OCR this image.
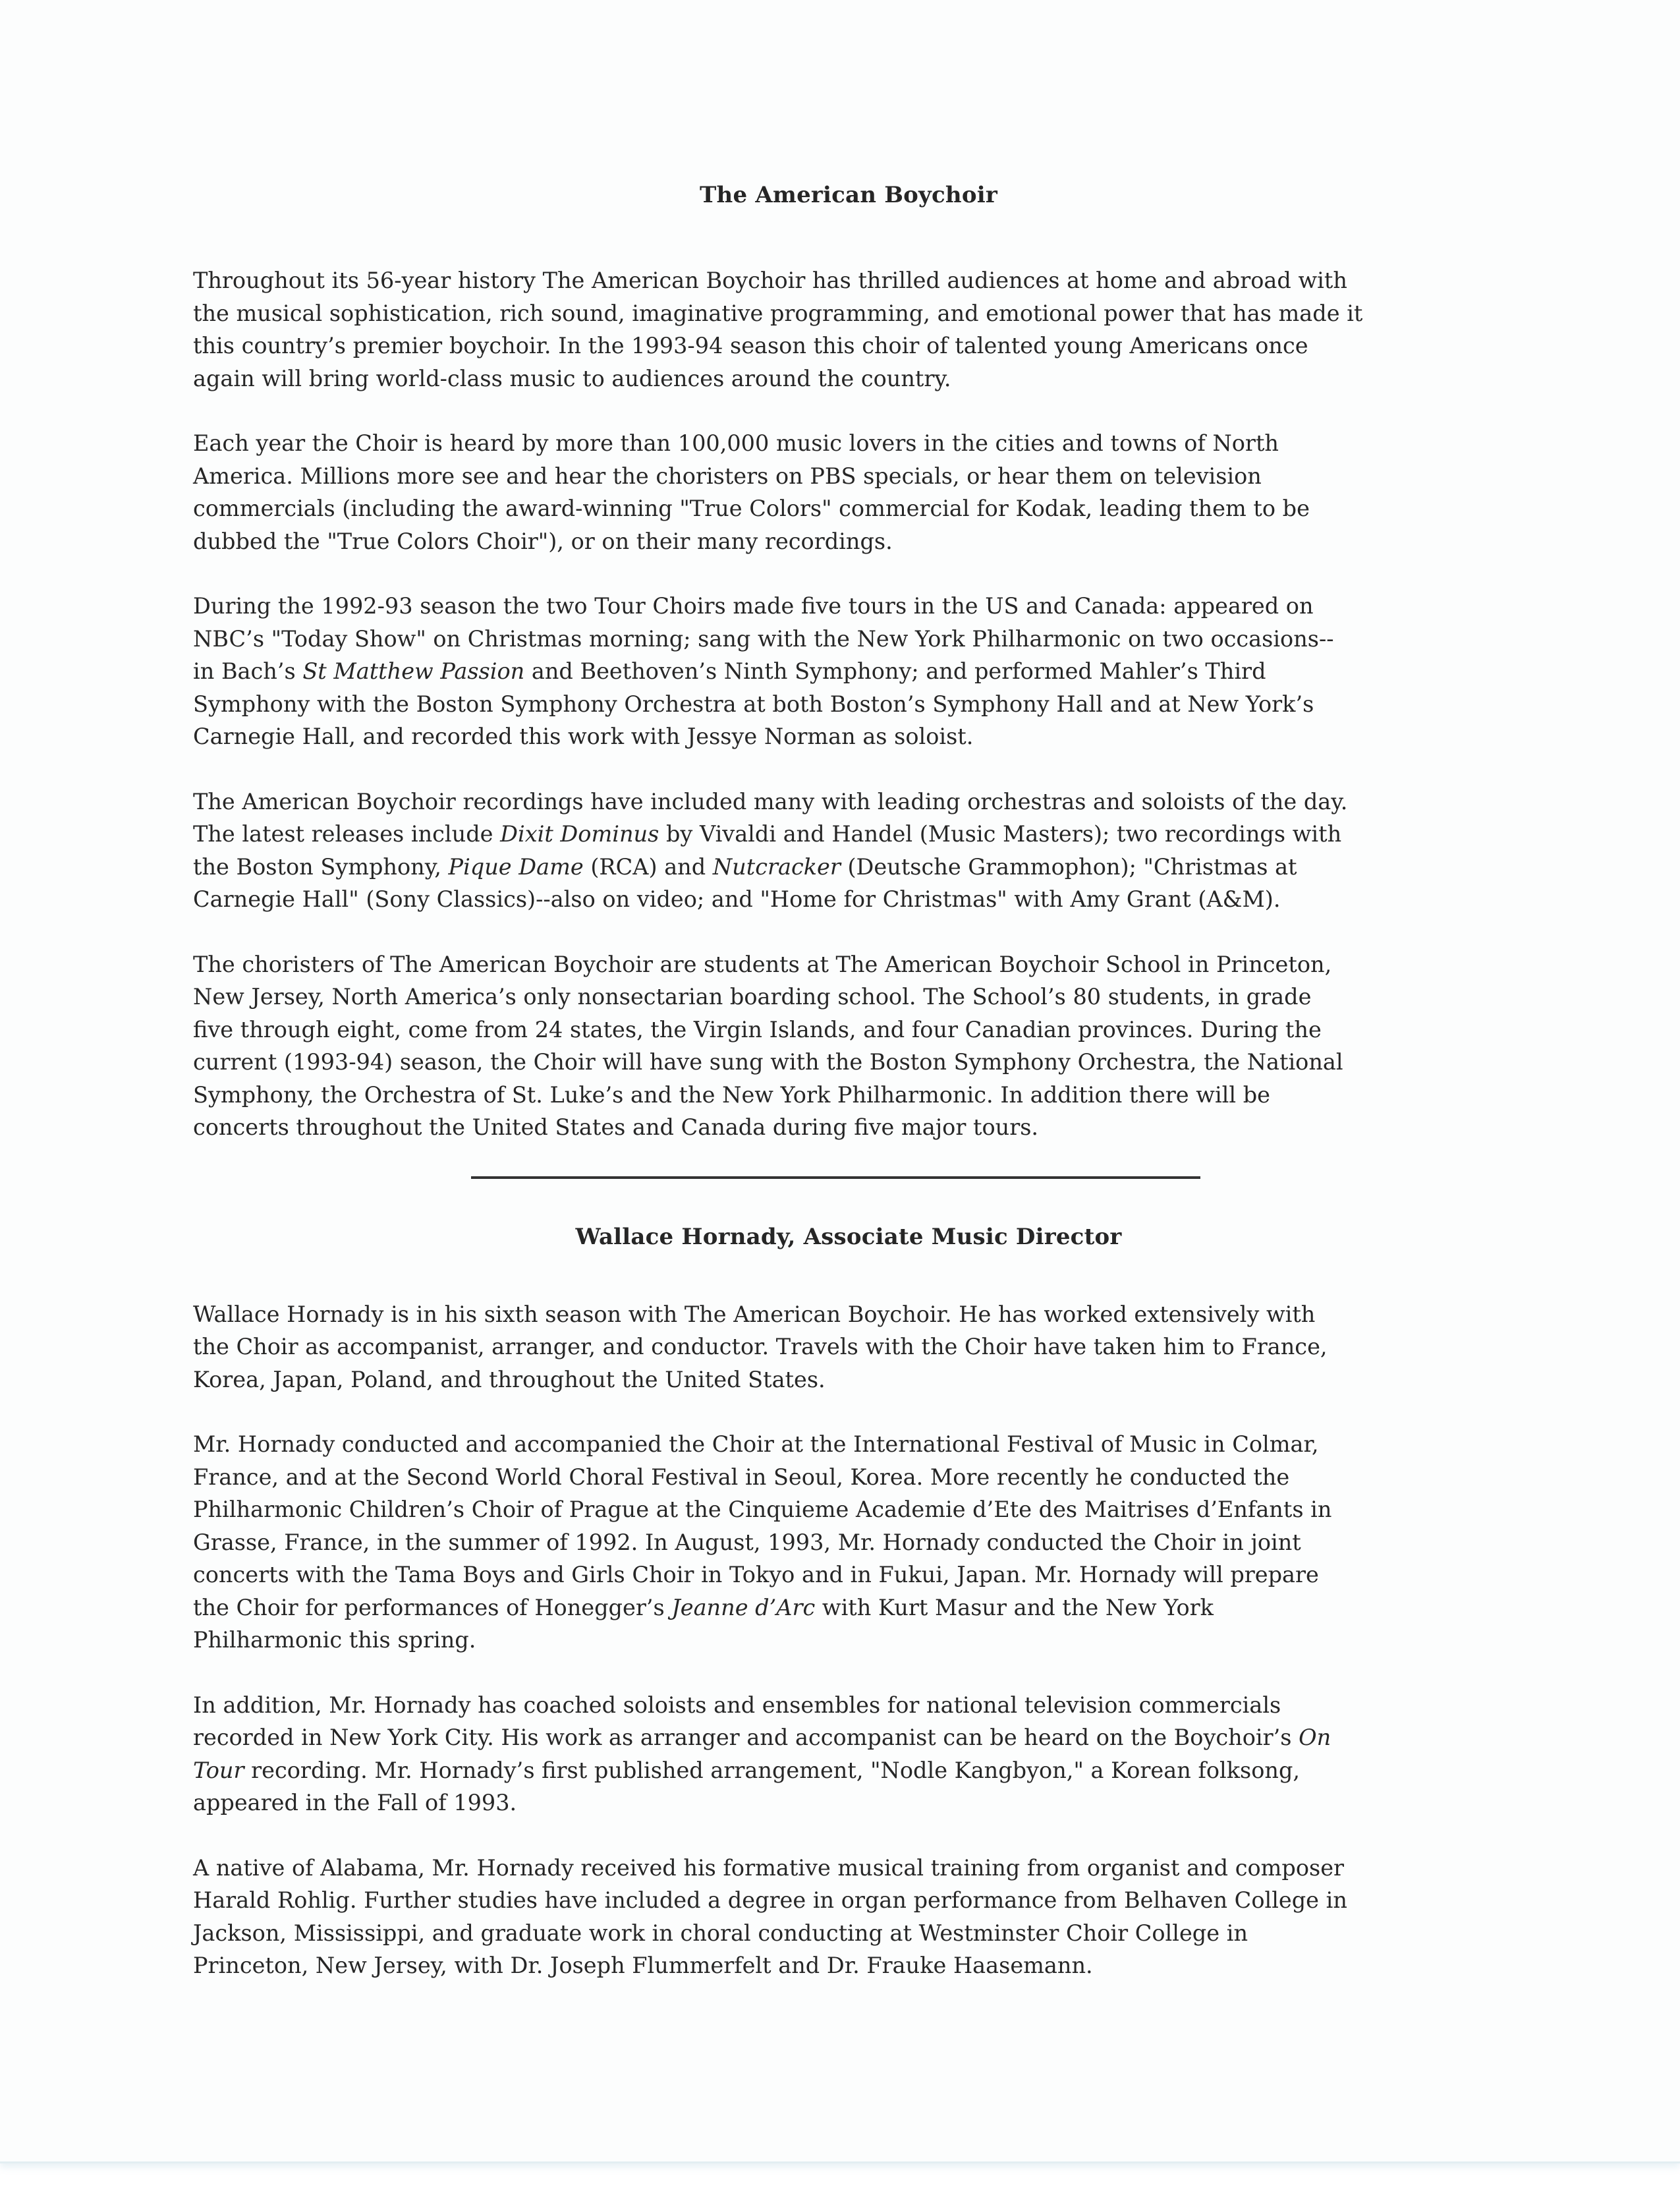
The American Boychoir

Throughout its 56-year history The American Boychoir has thrilled audiences at home and abroad with
the musical sophistication, rich sound, imaginative programming, and emotional power that has made it
this country’s premier boychoir. In the 1993-94 season this choir of talented young Americans once
again will bring world-class music to audiences around the country.

Each year the Choir is heard by more than 100,000 music lovers in the cities and towns of North
America. Millions more see and hear the choristers on PBS specials, or hear them on television
commercials (including the award-winning "True Colors" commercial for Kodak, leading them to be
dubbed the "True Colors Choir"), or on their many recordings.

During the 1992-93 season the two Tour Choirs made five tours in the US and Canada: appeared on
NBC’s "Today Show" on Christmas morning; sang with the New York Philharmonic on two occasions--
in Bach’s St Matthew Passion and Beethoven’s Ninth Symphony; and performed Mahler’s Third
Symphony with the Boston Symphony Orchestra at both Boston’s Symphony Hall and at New York’s
Carnegie Hall, and recorded this work with Jessye Norman as soloist.

The American Boychoir recordings have included many with leading orchestras and soloists of the day.
The latest releases include Dixit Dominus by Vivaldi and Handel (Music Masters); two recordings with
the Boston Symphony, Pique Dame (RCA) and Nutcracker (Deutsche Grammophon); "Christmas at
Carnegie Hall" (Sony Classics)--also on video; and "Home for Christmas" with Amy Grant (A&M).

The choristers of The American Boychoir are students at The American Boychoir School in Princeton,
New Jersey, North America’s only nonsectarian boarding school. The School’s 80 students, in grade
five through eight, come from 24 states, the Virgin Islands, and four Canadian provinces. During the
current (1993-94) season, the Choir will have sung with the Boston Symphony Orchestra, the National
Symphony, the Orchestra of St. Luke’s and the New York Philharmonic. In addition there will be
concerts throughout the United States and Canada during five major tours.

Wallace Hornady, Associate Music Director

Wallace Hornady is in his sixth season with The American Boychoir. He has worked extensively with
the Choir as accompanist, arranger, and conductor. Travels with the Choir have taken him to France,
Korea, Japan, Poland, and throughout the United States.

Mr. Hornady conducted and accompanied the Choir at the International Festival of Music in Colmar,
France, and at the Second World Choral Festival in Seoul, Korea. More recently he conducted the
Philharmonic Children’s Choir of Prague at the Cinquieme Academie d’Ete des Maitrises d’Enfants in
Grasse, France, in the summer of 1992. In August, 1993, Mr. Hornady conducted the Choir in joint
concerts with the Tama Boys and Girls Choir in Tokyo and in Fukui, Japan. Mr. Hornady will prepare
the Choir for performances of Honegger’s Jeanne d’Arc with Kurt Masur and the New York
Philharmonic this spring.

In addition, Mr. Hornady has coached soloists and ensembles for national television commercials
recorded in New York City. His work as arranger and accompanist can be heard on the Boychoir’s On
Tour recording. Mr. Hornady’s first published arrangement, "Nodle Kangbyon," a Korean folksong,
appeared in the Fall of 1993.

A native of Alabama, Mr. Hornady received his formative musical training from organist and composer
Harald Rohlig. Further studies have included a degree in organ performance from Belhaven College in
Jackson, Mississippi, and graduate work in choral conducting at Westminster Choir College in
Princeton, New Jersey, with Dr. Joseph Flummerfelt and Dr. Frauke Haasemann.
